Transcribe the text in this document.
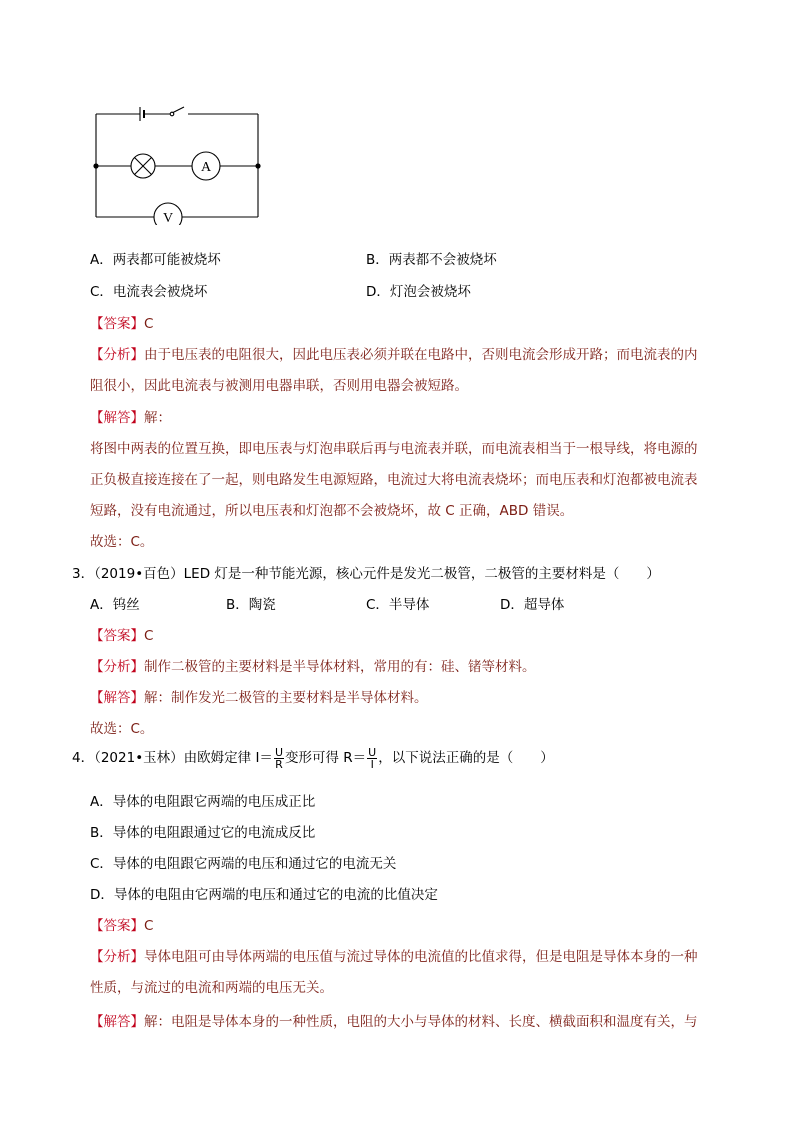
A
V
A．两表都可能被烧坏	B．两表都不会被烧坏
C．电流表会被烧坏	D．灯泡会被烧坏
【答案】C
【分析】由于电压表的电阻很大，因此电压表必须并联在电路中，否则电流会形成开路；而电流表的内
阻很小，因此电流表与被测用电器串联，否则用电器会被短路。
【解答】解：
将图中两表的位置互换，即电压表与灯泡串联后再与电流表并联，而电流表相当于一根导线，将电源的
正负极直接连接在了一起，则电路发生电源短路，电流过大将电流表烧坏；而电压表和灯泡都被电流表
短路，没有电流通过，所以电压表和灯泡都不会被烧坏，故 C 正确，ABD 错误。
故选：C。
3．（2019•百色）LED 灯是一种节能光源，核心元件是发光二极管，二极管的主要材料是（　　）
A．钨丝	B．陶瓷	C．半导体	D．超导体
【答案】C
【分析】制作二极管的主要材料是半导体材料，常用的有：硅、锗等材料。
【解答】解：制作发光二极管的主要材料是半导体材料。
故选：C。
4．（2021•玉林）由欧姆定律 $I= \frac{U}{R}$ 变形可得 $R= \frac{U}{I}$ ，以下说法正确的是（　　）
A．导体的电阻跟它两端的电压成正比
B．导体的电阻跟通过它的电流成反比
C．导体的电阻跟它两端的电压和通过它的电流无关
D．导体的电阻由它两端的电压和通过它的电流的比值决定
【答案】C
【分析】导体电阻可由导体两端的电压值与流过导体的电流值的比值求得，但是电阻是导体本身的一种
性质，与流过的电流和两端的电压无关。
【解答】解：电阻是导体本身的一种性质，电阻的大小与导体的材料、长度、横截面积和温度有关，与
